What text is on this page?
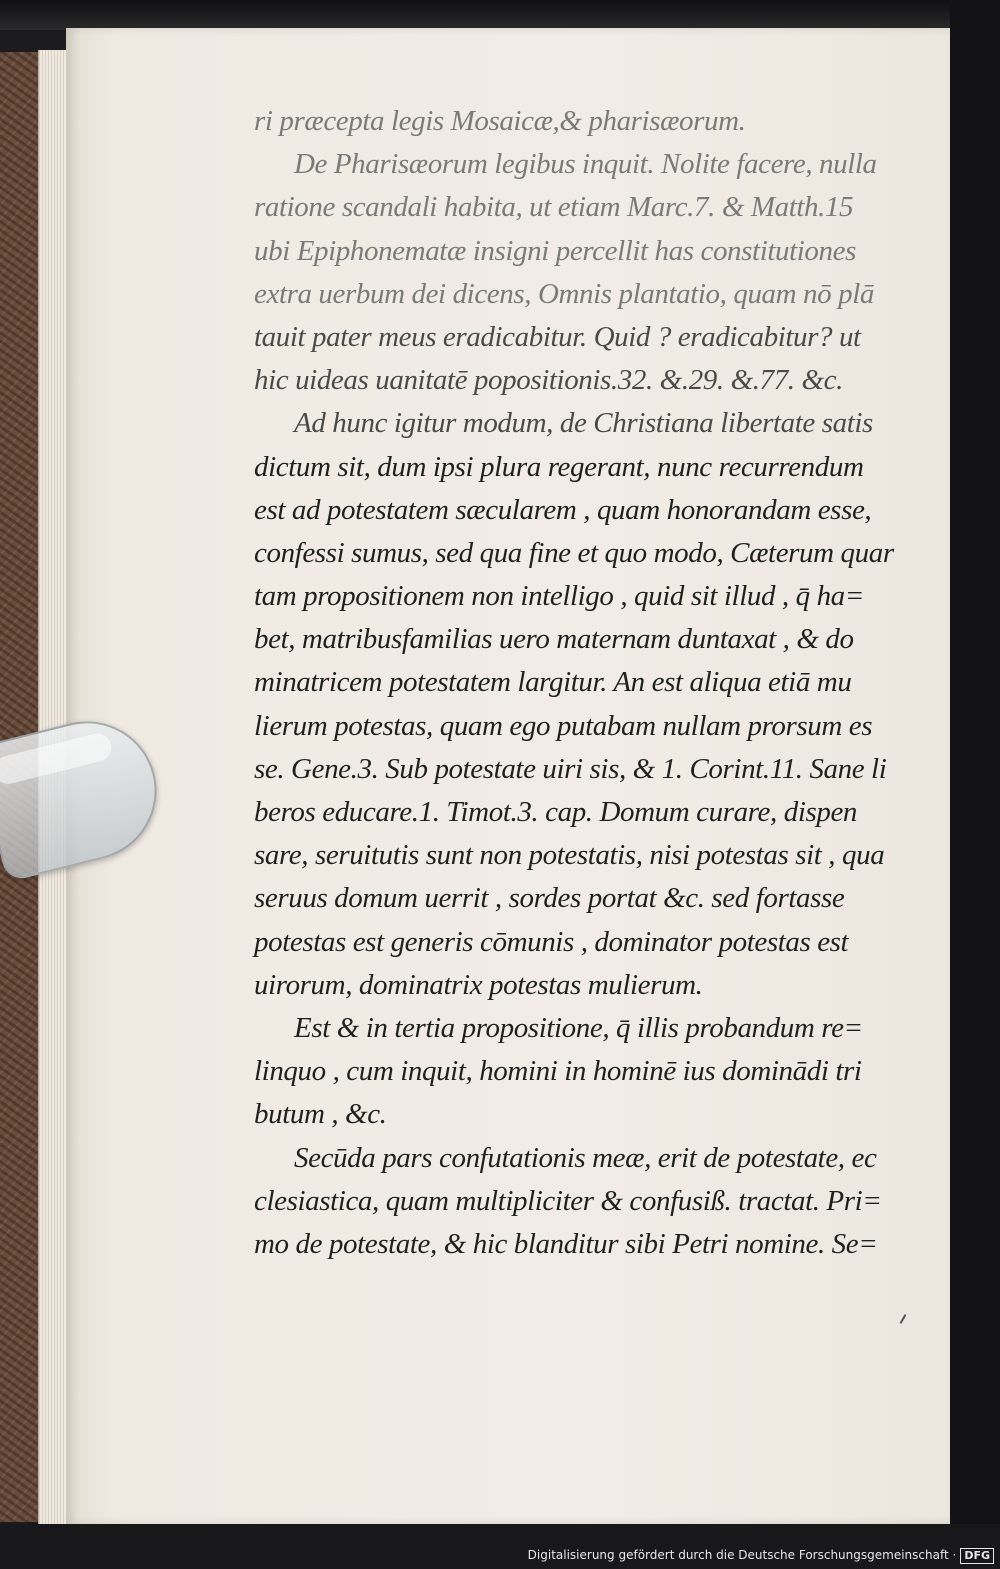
ri præcepta legis Mosaicæ,& pharisæorum.
De Pharisæorum legibus inquit. Nolite facere, nulla
ratione scandali habita, ut etiam Marc.7. & Matth.15
ubi Epiphonematæ insigni percellit has constitutiones
extra uerbum dei dicens, Omnis plantatio, quam nō plā
tauit pater meus eradicabitur. Quid ? eradicabitur? ut
hic uideas uanitatē popositionis.32. &.29. &.77. &c.
Ad hunc igitur modum, de Christiana libertate satis
dictum sit, dum ipsi plura regerant, nunc recurrendum
est ad potestatem sæcularem , quam honorandam esse,
confessi sumus, sed qua fine et quo modo, Cæterum quar
tam propositionem non intelligo , quid sit illud , q̄ ha=
bet, matribusfamilias uero maternam duntaxat , & do
minatricem potestatem largitur. An est aliqua etiā mu
lierum potestas, quam ego putabam nullam prorsum es
se. Gene.3. Sub potestate uiri sis, & 1. Corint.11. Sane li
beros educare.1. Timot.3. cap. Domum curare, dispen
sare, seruitutis sunt non potestatis, nisi potestas sit , qua
seruus domum uerrit , sordes portat &c. sed fortasse
potestas est generis cōmunis , dominator potestas est
uirorum, dominatrix potestas mulierum.
Est & in tertia propositione, q̄ illis probandum re=
linquo , cum inquit, homini in hominē ius dominādi tri
butum , &c.
Secūda pars confutationis meæ, erit de potestate, ec
clesiastica, quam multipliciter & confusiß. tractat. Pri=
mo de potestate, & hic blanditur sibi Petri nomine. Se=
Digitalisierung gefördert durch die Deutsche Forschungsgemeinschaft · DFG
